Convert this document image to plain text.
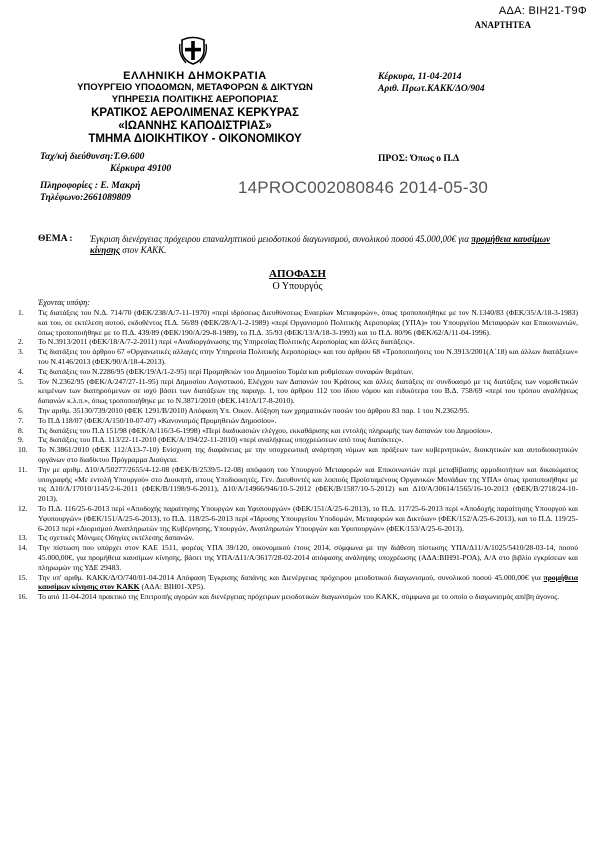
ΑΔΑ: ΒΙΗ21-Τ9Φ
ΑΝΑΡΤΗΤΕΑ
ΕΛΛΗΝΙΚΗ ΔΗΜΟΚΡΑΤΙΑ
ΥΠΟΥΡΓΕΙΟ ΥΠΟΔΟΜΩΝ, ΜΕΤΑΦΟΡΩΝ & ΔΙΚΤΥΩΝ
ΥΠΗΡΕΣΙΑ ΠΟΛΙΤΙΚΗΣ ΑΕΡΟΠΟΡΙΑΣ
ΚΡΑΤΙΚΟΣ ΑΕΡΟΛΙΜΕΝΑΣ ΚΕΡΚΥΡΑΣ
«ΙΩΑΝΝΗΣ ΚΑΠΟΔΙΣΤΡΙΑΣ»
ΤΜΗΜΑ ΔΙΟΙΚΗΤΙΚΟΥ - ΟΙΚΟΝΟΜΙΚΟΥ
Ταχ/κή διεύθυνση:Τ.Θ.600
Κέρκυρα 49100
Πληροφορίες : Ε. Μακρή
Τηλέφωνο:2661089809
Κέρκυρα, 11-04-2014
Αριθ. Πρωτ.ΚΑΚΚ/ΔΟ/904
ΠΡΟΣ: Όπως ο Π.Δ
14PROC002080846 2014-05-30
ΘΕΜΑ : Έγκριση διενέργειας πρόχειρου επαναληπτικού μειοδοτικού διαγωνισμού, συνολικού ποσού 45.000,00€ για προμήθεια καυσίμων κίνησης στον ΚΑΚΚ.
ΑΠΟΦΑΣΗ
Ο Υπουργός
Έχοντας υπόψη:
1.	Τις διατάξεις του Ν.Δ. 714/70 (ΦΕΚ/238/Α/7-11-1970) «περί ιδρύσεως Διευθύνσεως Εναερίων Μεταφορών», όπως τροποποιήθηκε με τον Ν.1340/83 (ΦΕΚ/35/Α/18-3-1983) και του, σε εκτέλεση αυτού, εκδοθέντος Π.Δ. 56/89 (ΦΕΚ/28/Α/1-2-1989) «περί Οργανισμού Πολιτικής Αεροπορίας (ΥΠΑ)» του Υπουργείου Μεταφορών και Επικοινωνιών, όπως τροποποιήθηκε με το Π.Δ. 439/89 (ΦΕΚ/190/Α/29-8-1989), το Π.Δ. 35/93 (ΦΕΚ/13/Α/18-3-1993) και το Π.Δ. 80/96 (ΦΕΚ/62/Α/11-04-1996).
2.	Το Ν.3913/2011 (ΦΕΚ/18/Α/7-2-2011) περί «Αναδιοργάνωσης της Υπηρεσίας Πολιτικής Αεροπορίας και άλλες διατάξεις».
3.	Τις διατάξεις του άρθρου 67 «Οργανωτικές αλλαγές στην Υπηρεσία Πολιτικής Αεροπορίας» και του άρθρου 68 «Τροποποιήσεις του Ν.3913/2001(Α΄18) και άλλων διατάξεων» του Ν.4146/2013 (ΦΕΚ/90/Α/18-4-2013).
4.	Τις διατάξεις του Ν.2286/95 (ΦΕΚ/19/Α/1-2-95) περί Προμηθειών του Δημοσίου Τομέα και ρυθμίσεων συναφών θεμάτων.
5.	Τον Ν.2362/95 (ΦΕΚ/Α/247/27-11-95) περί Δημοσίου Λογιστικού, Ελέγχου των Δαπανών του Κράτους και άλλες διατάξεις σε συνδυασμό με τις διατάξεις των νομοθετικών κειμένων των διατηρούμενων σε ισχύ βάσει των διατάξεων της παραγρ. 1, του άρθρου 112 του ίδιου νόμου και ειδικότερα του Β.Δ. 758/69 «περί του τρόπου αναλήψεως δαπανών κ.λ.π.», όπως τροποποιήθηκε με το Ν.3871/2010 (ΦΕΚ.141/Α/17-8-2010).
6.	Την αριθμ. 35130/739/2010 (ΦΕΚ 1291/Β/2010) Απόφαση Υπ. Οικον. Αύξηση των χρηματικών ποσών του άρθρου 83 παρ. 1 του Ν.2362/95.
7.	Το Π.Δ 118/07 (ΦΕΚ/Α/150/10-07-07) «Κανονισμός Προμηθειών Δημοσίου».
8.	Τις διατάξεις του Π.Δ 151/98 (ΦΕΚ/Α/116/3-6-1998) «Περί διαδικασιών ελέγχου, εκκαθάρισης και εντολής πληρωμής των δαπανών του Δημοσίου».
9.	Τις διατάξεις του Π.Δ. 113/22-11-2010 (ΦΕΚ/Α/194/22-11-2010) «περί αναλήψεως υποχρεώσεων από τους διατάκτες».
10.	Το Ν.3861/2010 (ΦΕΚ 112/Α13-7-10) Ενίσχυση της διαφάνειας με την υποχρεωτική ανάρτηση νόμων και πράξεων των κυβερνητικών, διοικητικών και αυτοδιοικητικών οργάνων στο διαδίκτυο Πρόγραμμα Διαύγεια.
11.	Την με αριθμ. Δ10/Α/50277/2655/4-12-08 (ΦΕΚ/Β/2539/5-12-08) απόφαση του Υπουργού Μεταφορών και Επικοινωνιών περί μεταβίβασης αρμοδιοτήτων και δικαιώματος υπογραφής «Με εντολή Υπουργού» στο Διοικητή, στους Υποδιοικητές, Γεν. Διευθυντές και λοιπούς Προϊσταμένους Οργανικών Μονάδων της ΥΠΑ» όπως τροποποιήθηκε με τις Δ10/Α/17010/1145/2-6-2011 (ΦΕΚ/Β/1198/9-6-2011), Δ10/Α/14966/946/10-5-2012 (ΦΕΚ/Β/1587/10-5-2012) και Δ10/Α/30614/1565/16-10-2013 (ΦΕΚ/Β/2718/24-10-2013).
12.	Το Π.Δ. 116/25-6-2013 περί «Αποδοχής παραίτησης Υπουργών και Υφυπουργών» (ΦΕΚ/151/Α/25-6-2013), το Π.Δ. 117/25-6-2013 περί «Αποδοχής παραίτησης Υπουργού και Υφυπουργών» (ΦΕΚ/151/Α/25-6-2013), το Π.Δ. 118/25-6-2013 περί «Ίδρυσης Υπουργείου Υποδομών, Μεταφορών και Δικτύων» (ΦΕΚ/152/Α/25-6-2013), και το Π.Δ. 119/25-6-2013 περί «Διορισμού Αναπληρωτών της Κυβέρνησης, Υπουργών, Αναπληρωτών Υπουργών και Υφυπουργών» (ΦΕΚ/153/Α/25-6-2013).
13.	Τις σχετικές Μόνιμες Οδηγίες εκτέλεσης δαπανών.
14.	Την πίστωση που υπάρχει στον ΚΑΕ 1511, φορέας ΥΠΑ 39/120, οικονομικού έτους 2014, σύμφωνα με την διάθεση πίστωσης ΥΠΑ/Δ11/Α/1025/5410/28-03-14, ποσού 45.000,00€, για προμήθεια καυσίμων κίνησης, βάσει της ΥΠΑ/Δ11/Α/3617/28-02-2014 απόφασης ανάληψης υποχρέωσης (ΑΔΑ:ΒΙΗ91-ΡΟΑ), Α/Α στο βιβλίο εγκρίσεων και πληρωμών της ΥΔΕ 29483.
15.	Την υπ' αριθμ. ΚΑΚΚ/Δ/Ο/740/01-04-2014 Απόφαση Έγκρισης δαπάνης και Διενέργειας πρόχειρου μειοδοτικού διαγωνισμού, συνολικού ποσού 45.000,00€ για προμήθεια καυσίμων κίνησης στον ΚΑΚΚ (ΑΔΑ: ΒΙΗ01-ΧΡ5).
16.	Το από 11-04-2014 πρακτικό της Επιτροπής αγορών και διενέργειας πρόχειρων μειοδοτικών διαγωνισμών του ΚΑΚΚ, σύμφωνα με το οποίο ο διαγωνισμός απέβη άγονος.
